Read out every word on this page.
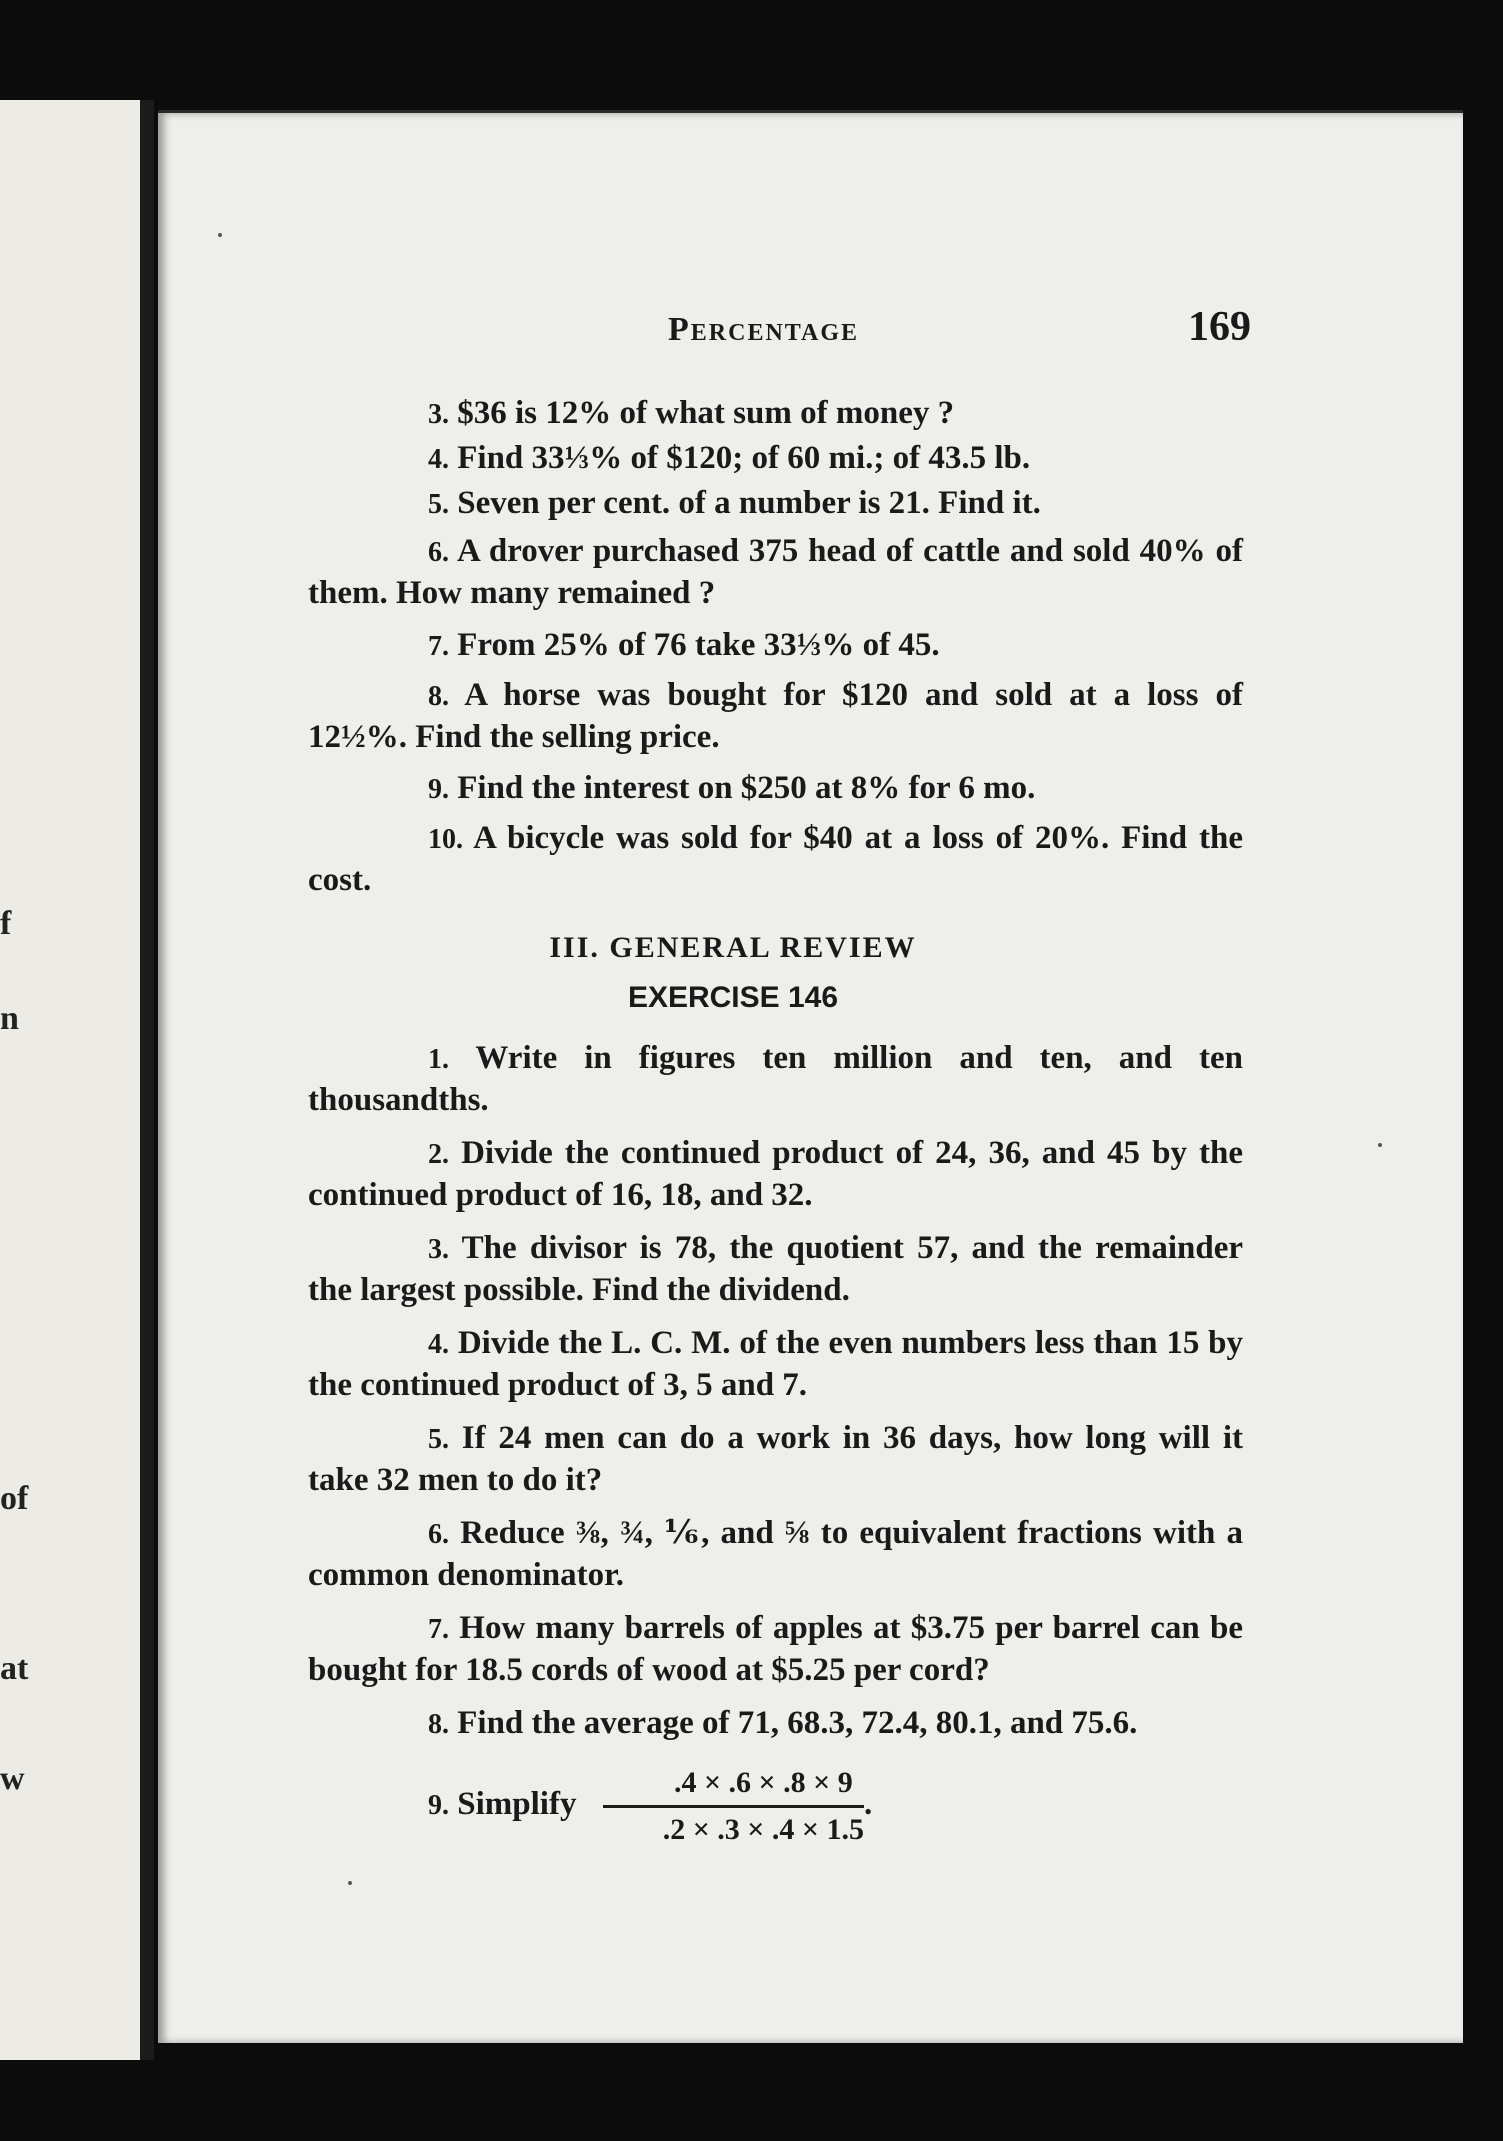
f
n
of
at
w
Percentage	169
3. $36 is 12% of what sum of money ?
4. Find 33⅓% of $120; of 60 mi.; of 43.5 lb.
5. Seven per cent. of a number is 21. Find it.
6. A drover purchased 375 head of cattle and sold 40% of them. How many remained ?
7. From 25% of 76 take 33⅓% of 45.
8. A horse was bought for $120 and sold at a loss of 12½%. Find the selling price.
9. Find the interest on $250 at 8% for 6 mo.
10. A bicycle was sold for $40 at a loss of 20%. Find the cost.
III. GENERAL REVIEW
EXERCISE 146
1. Write in figures ten million and ten, and ten thousandths.
2. Divide the continued product of 24, 36, and 45 by the continued product of 16, 18, and 32.
3. The divisor is 78, the quotient 57, and the remainder the largest possible. Find the dividend.
4. Divide the L. C. M. of the even numbers less than 15 by the continued product of 3, 5 and 7.
5. If 24 men can do a work in 36 days, how long will it take 32 men to do it?
6. Reduce ⅜, ¾, ⅙, and ⅝ to equivalent fractions with a common denominator.
7. How many barrels of apples at $3.75 per barrel can be bought for 18.5 cords of wood at $5.25 per cord?
8. Find the average of 71, 68.3, 72.4, 80.1, and 75.6.
9. Simplify $\frac{.4 \times .6 \times .8 \times 9}{.2 \times .3 \times .4 \times 1.5}$ .
